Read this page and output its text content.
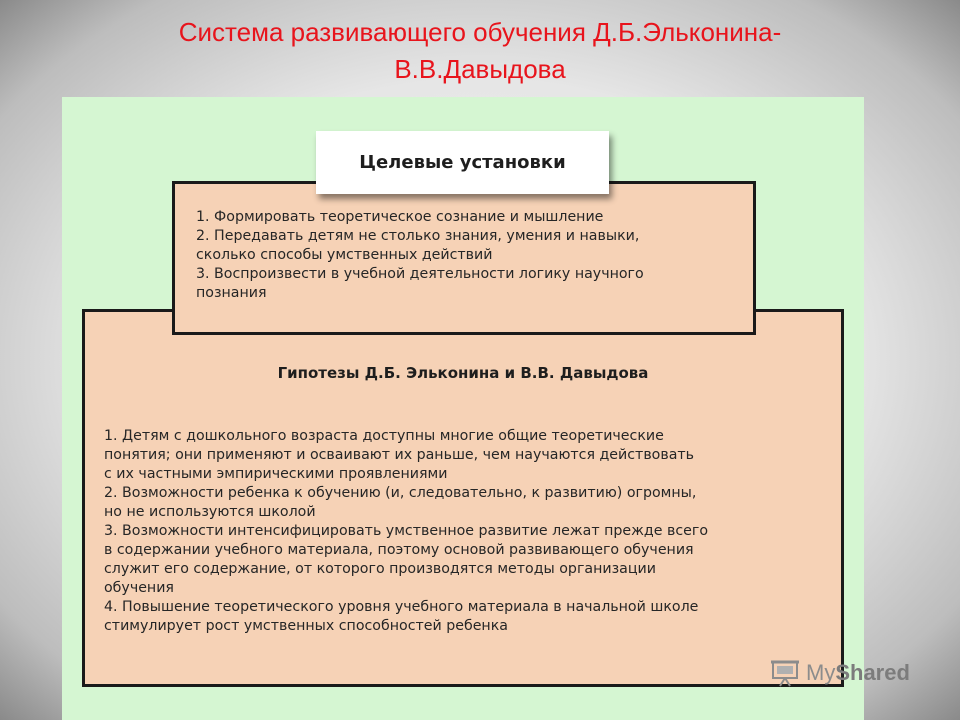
Система развивающего обучения Д.Б.Эльконина-
В.В.Давыдова
Целевые установки
1. Формировать теоретическое сознание и мышление
2. Передавать детям не столько знания, умения и навыки,
сколько способы умственных действий
3. Воспроизвести в учебной деятельности логику научного
познания
Гипотезы Д.Б. Эльконина и В.В. Давыдова
1. Детям с дошкольного возраста доступны многие общие теоретические
понятия; они применяют и осваивают их раньше, чем научаются действовать
с их частными эмпирическими проявлениями
2. Возможности ребенка к обучению (и, следовательно, к развитию) огромны,
но не используются школой
3. Возможности интенсифицировать умственное развитие лежат прежде всего
в содержании учебного материала, поэтому основой развивающего обучения
служит его содержание, от которого производятся методы организации
обучения
4. Повышение теоретического уровня учебного материала в начальной школе
стимулирует рост умственных способностей ребенка
MyShared
